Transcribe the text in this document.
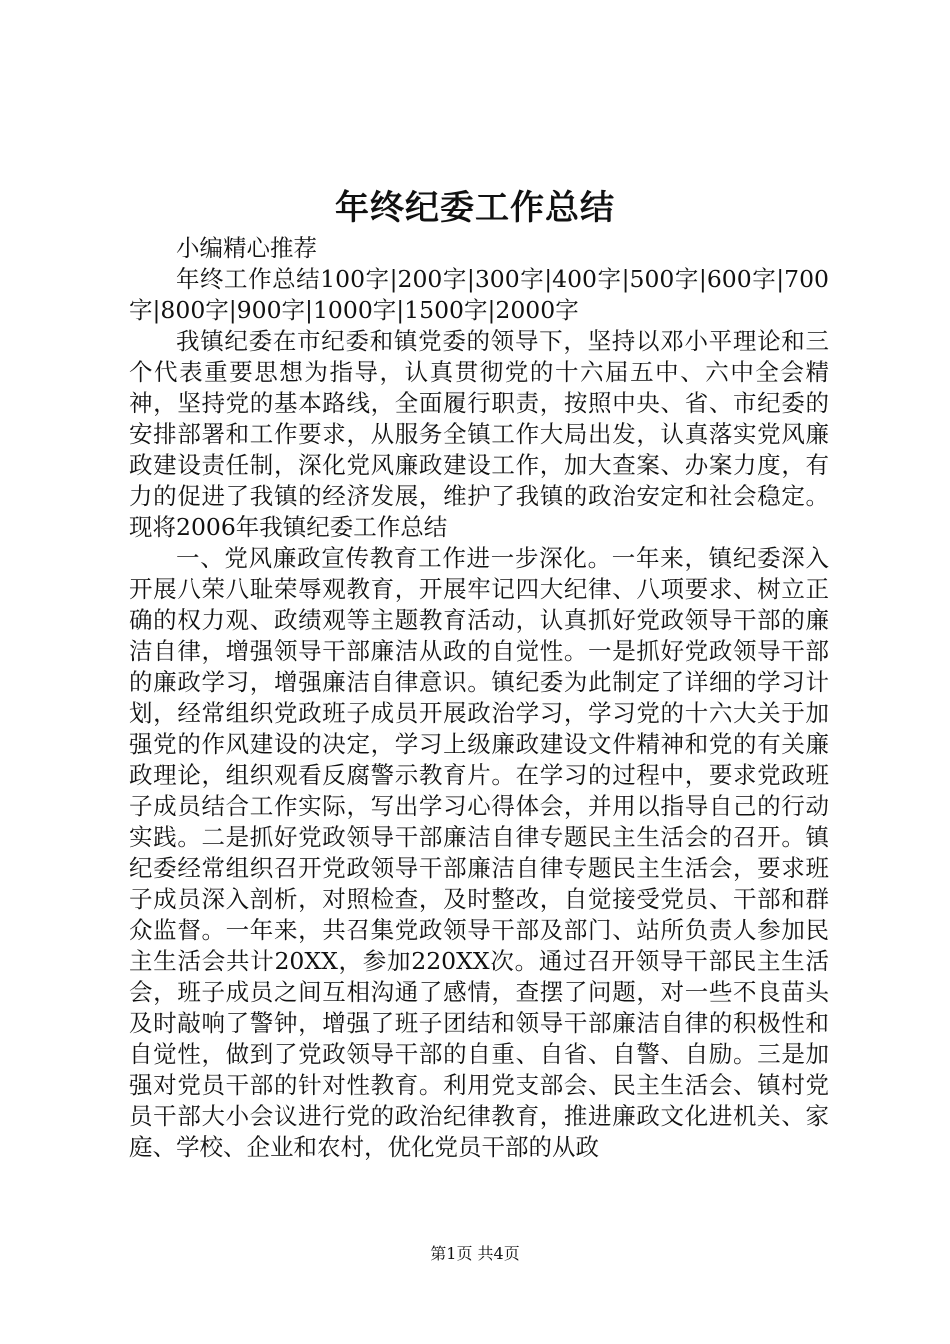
年终纪委工作总结

小编精心推荐

年终工作总结100字|200字|300字|400字|500字|600字|700字|800字|900字|1000字|1500字|2000字

我镇纪委在市纪委和镇党委的领导下，坚持以邓小平理论和三个代表重要思想为指导，认真贯彻党的十六届五中、六中全会精神，坚持党的基本路线，全面履行职责，按照中央、省、市纪委的安排部署和工作要求，从服务全镇工作大局出发，认真落实党风廉政建设责任制，深化党风廉政建设工作，加大查案、办案力度，有力的促进了我镇的经济发展，维护了我镇的政治安定和社会稳定。现将2006年我镇纪委工作总结

一、党风廉政宣传教育工作进一步深化。一年来，镇纪委深入开展八荣八耻荣辱观教育，开展牢记四大纪律、八项要求、树立正确的权力观、政绩观等主题教育活动，认真抓好党政领导干部的廉洁自律，增强领导干部廉洁从政的自觉性。一是抓好党政领导干部的廉政学习，增强廉洁自律意识。镇纪委为此制定了详细的学习计划，经常组织党政班子成员开展政治学习，学习党的十六大关于加强党的作风建设的决定，学习上级廉政建设文件精神和党的有关廉政理论，组织观看反腐警示教育片。在学习的过程中，要求党政班子成员结合工作实际，写出学习心得体会，并用以指导自己的行动实践。二是抓好党政领导干部廉洁自律专题民主生活会的召开。镇纪委经常组织召开党政领导干部廉洁自律专题民主生活会，要求班子成员深入剖析，对照检查，及时整改，自觉接受党员、干部和群众监督。一年来，共召集党政领导干部及部门、站所负责人参加民主生活会共计20XX，参加220XX次。通过召开领导干部民主生活会，班子成员之间互相沟通了感情，查摆了问题，对一些不良苗头及时敲响了警钟，增强了班子团结和领导干部廉洁自律的积极性和自觉性，做到了党政领导干部的自重、自省、自警、自励。三是加强对党员干部的针对性教育。利用党支部会、民主生活会、镇村党员干部大小会议进行党的政治纪律教育，推进廉政文化进机关、家庭、学校、企业和农村，优化党员干部的从政

第1页 共4页
